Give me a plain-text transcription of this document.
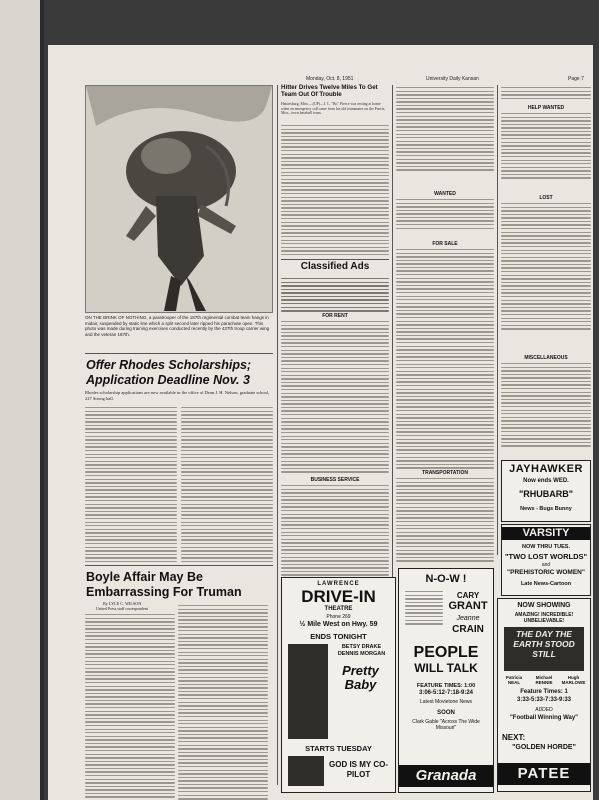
Monday, Oct. 8, 1951	University Daily Kansan	Page 7
ON THE BRINK OF NOTHING, a paratrooper of the 187th regimental combat team hangs in midair, suspended by static line which a split second later ripped his parachute open. This photo was made during training exercises conducted recently by the 437th troop carrier wing and the veteran 187th.
Offer Rhodes Scholarships;
Application Deadline Nov. 3
Rhodes scholarship applications are now available in the office of Dean J. H. Nelson, graduate school, 227 Strong hall.
Boyle Affair May Be
Embarrassing For Truman
By LYLE C. WILSON
United Press staff correspondent
Hitter Drives Twelve Miles To Get Team Out Of Trouble
Hattiesburg, Miss.—(UP)—J. L. "Bo" Pierce was resting at home when an emergency call came from his old teammates on the Purvis, Miss., town baseball team.
Classified Ads
FOR RENT
BUSINESS SERVICE
WANTED
FOR SALE
TRANSPORTATION
HELP WANTED
LOST
MISCELLANEOUS
JAYHAWKER
Now ends WED.
"RHUBARB"
News - Bugs Bunny
VARSITY
NOW THRU TUES.
"TWO LOST WORLDS"
and
"PREHISTORIC WOMEN"
Late News-Cartoon
LAWRENCE
DRIVE-IN
THEATRE
Phone 269
½ Mile West on Hwy. 59
ENDS TONIGHT
BETSY DRAKE
DENNIS MORGAN
Pretty Baby
STARTS TUESDAY
GOD IS MY CO-PILOT
N-O-W !
CARY
GRANT
Jeanne
CRAIN
PEOPLE
WILL TALK
FEATURE TIMES: 1:00
3:06-5:12-7:18-9:24
Latest Movietone News
SOON
Clark Gable "Across The Wide Missouri"
Granada
NOW SHOWING
AMAZING! INCREDIBLE! UNBELIEVABLE!
THE DAY THE EARTH STOOD STILL
Patricia NEAL
Michael RENNIE
Hugh MARLOWE
Feature Times: 1
3:33-5:33-7:33-9:33
ADDED
"Football Winning Way"
NEXT:
"GOLDEN HORDE"
PATEE
